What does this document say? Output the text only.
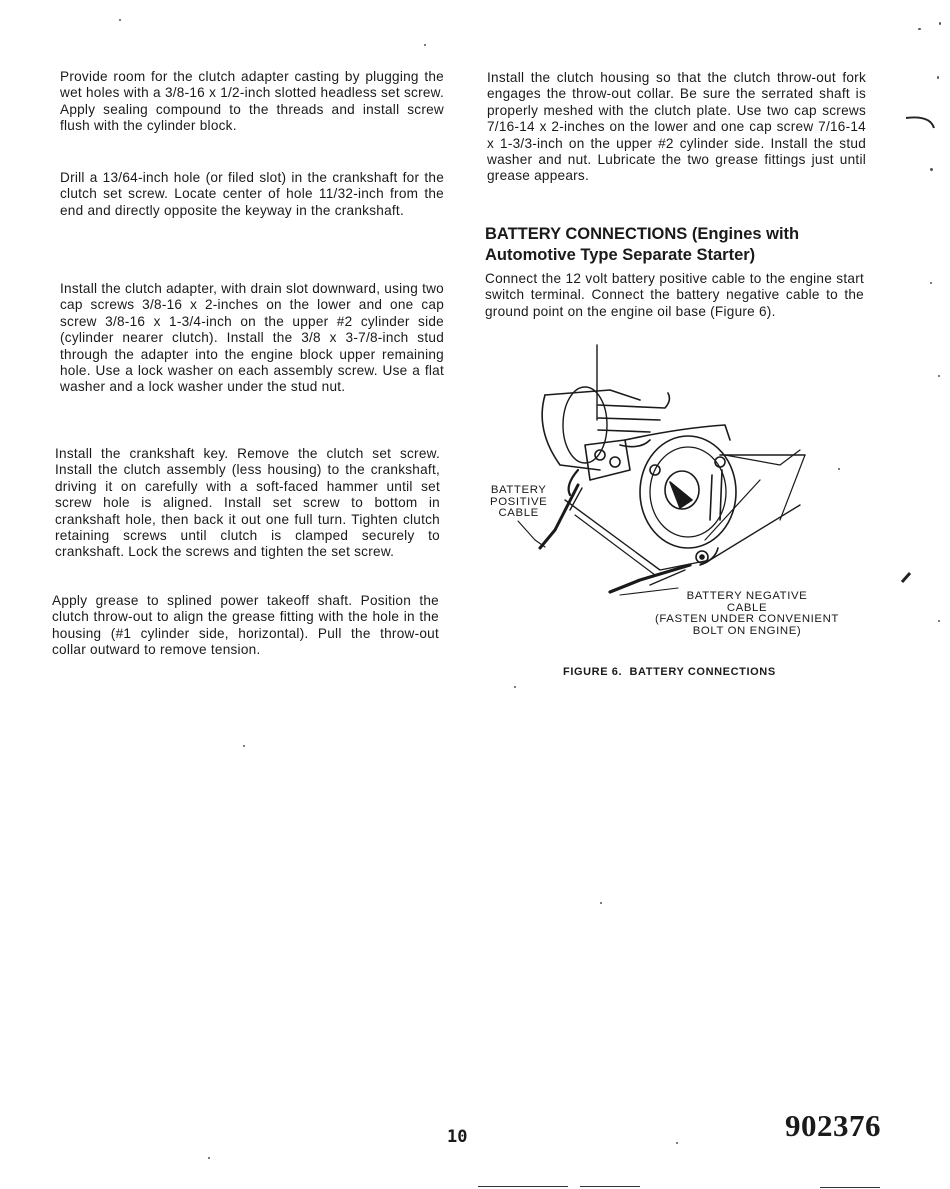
Provide room for the clutch adapter casting by plugging the wet holes with a 3/8-16 x 1/2-inch slotted headless set screw. Apply sealing compound to the threads and install screw flush with the cylinder block.

Drill a 13/64-inch hole (or filed slot) in the crankshaft for the clutch set screw. Locate center of hole 11/32-inch from the end and directly opposite the keyway in the crankshaft.

Install the clutch adapter, with drain slot downward, using two cap screws 3/8-16 x 2-inches on the lower and one cap screw 3/8-16 x 1-3/4-inch on the upper #2 cylinder side (cylinder nearer clutch). Install the 3/8 x 3-7/8-inch stud through the adapter into the engine block upper remaining hole. Use a lock washer on each assembly screw. Use a flat washer and a lock washer under the stud nut.

Install the crankshaft key. Remove the clutch set screw. Install the clutch assembly (less housing) to the crankshaft, driving it on carefully with a soft-faced hammer until set screw hole is aligned. Install set screw to bottom in crankshaft hole, then back it out one full turn. Tighten clutch retaining screws until clutch is clamped securely to crankshaft. Lock the screws and tighten the set screw.

Apply grease to splined power takeoff shaft. Position the clutch throw-out to align the grease fitting with the hole in the housing (#1 cylinder side, horizontal). Pull the throw-out collar outward to remove tension.

Install the clutch housing so that the clutch throw-out fork engages the throw-out collar. Be sure the serrated shaft is properly meshed with the clutch plate. Use two cap screws 7/16-14 x 2-inches on the lower and one cap screw 7/16-14 x 1-3/3-inch on the upper #2 cylinder side. Install the stud washer and nut. Lubricate the two grease fittings just until grease appears.

BATTERY CONNECTIONS (Engines with Automotive Type Separate Starter)

Connect the 12 volt battery positive cable to the engine start switch terminal. Connect the battery negative cable to the ground point on the engine oil base (Figure 6).

BATTERY
POSITIVE
CABLE

BATTERY NEGATIVE
CABLE
(FASTEN UNDER CONVENIENT
BOLT ON ENGINE)

FIGURE 6.  BATTERY CONNECTIONS

10	902376
